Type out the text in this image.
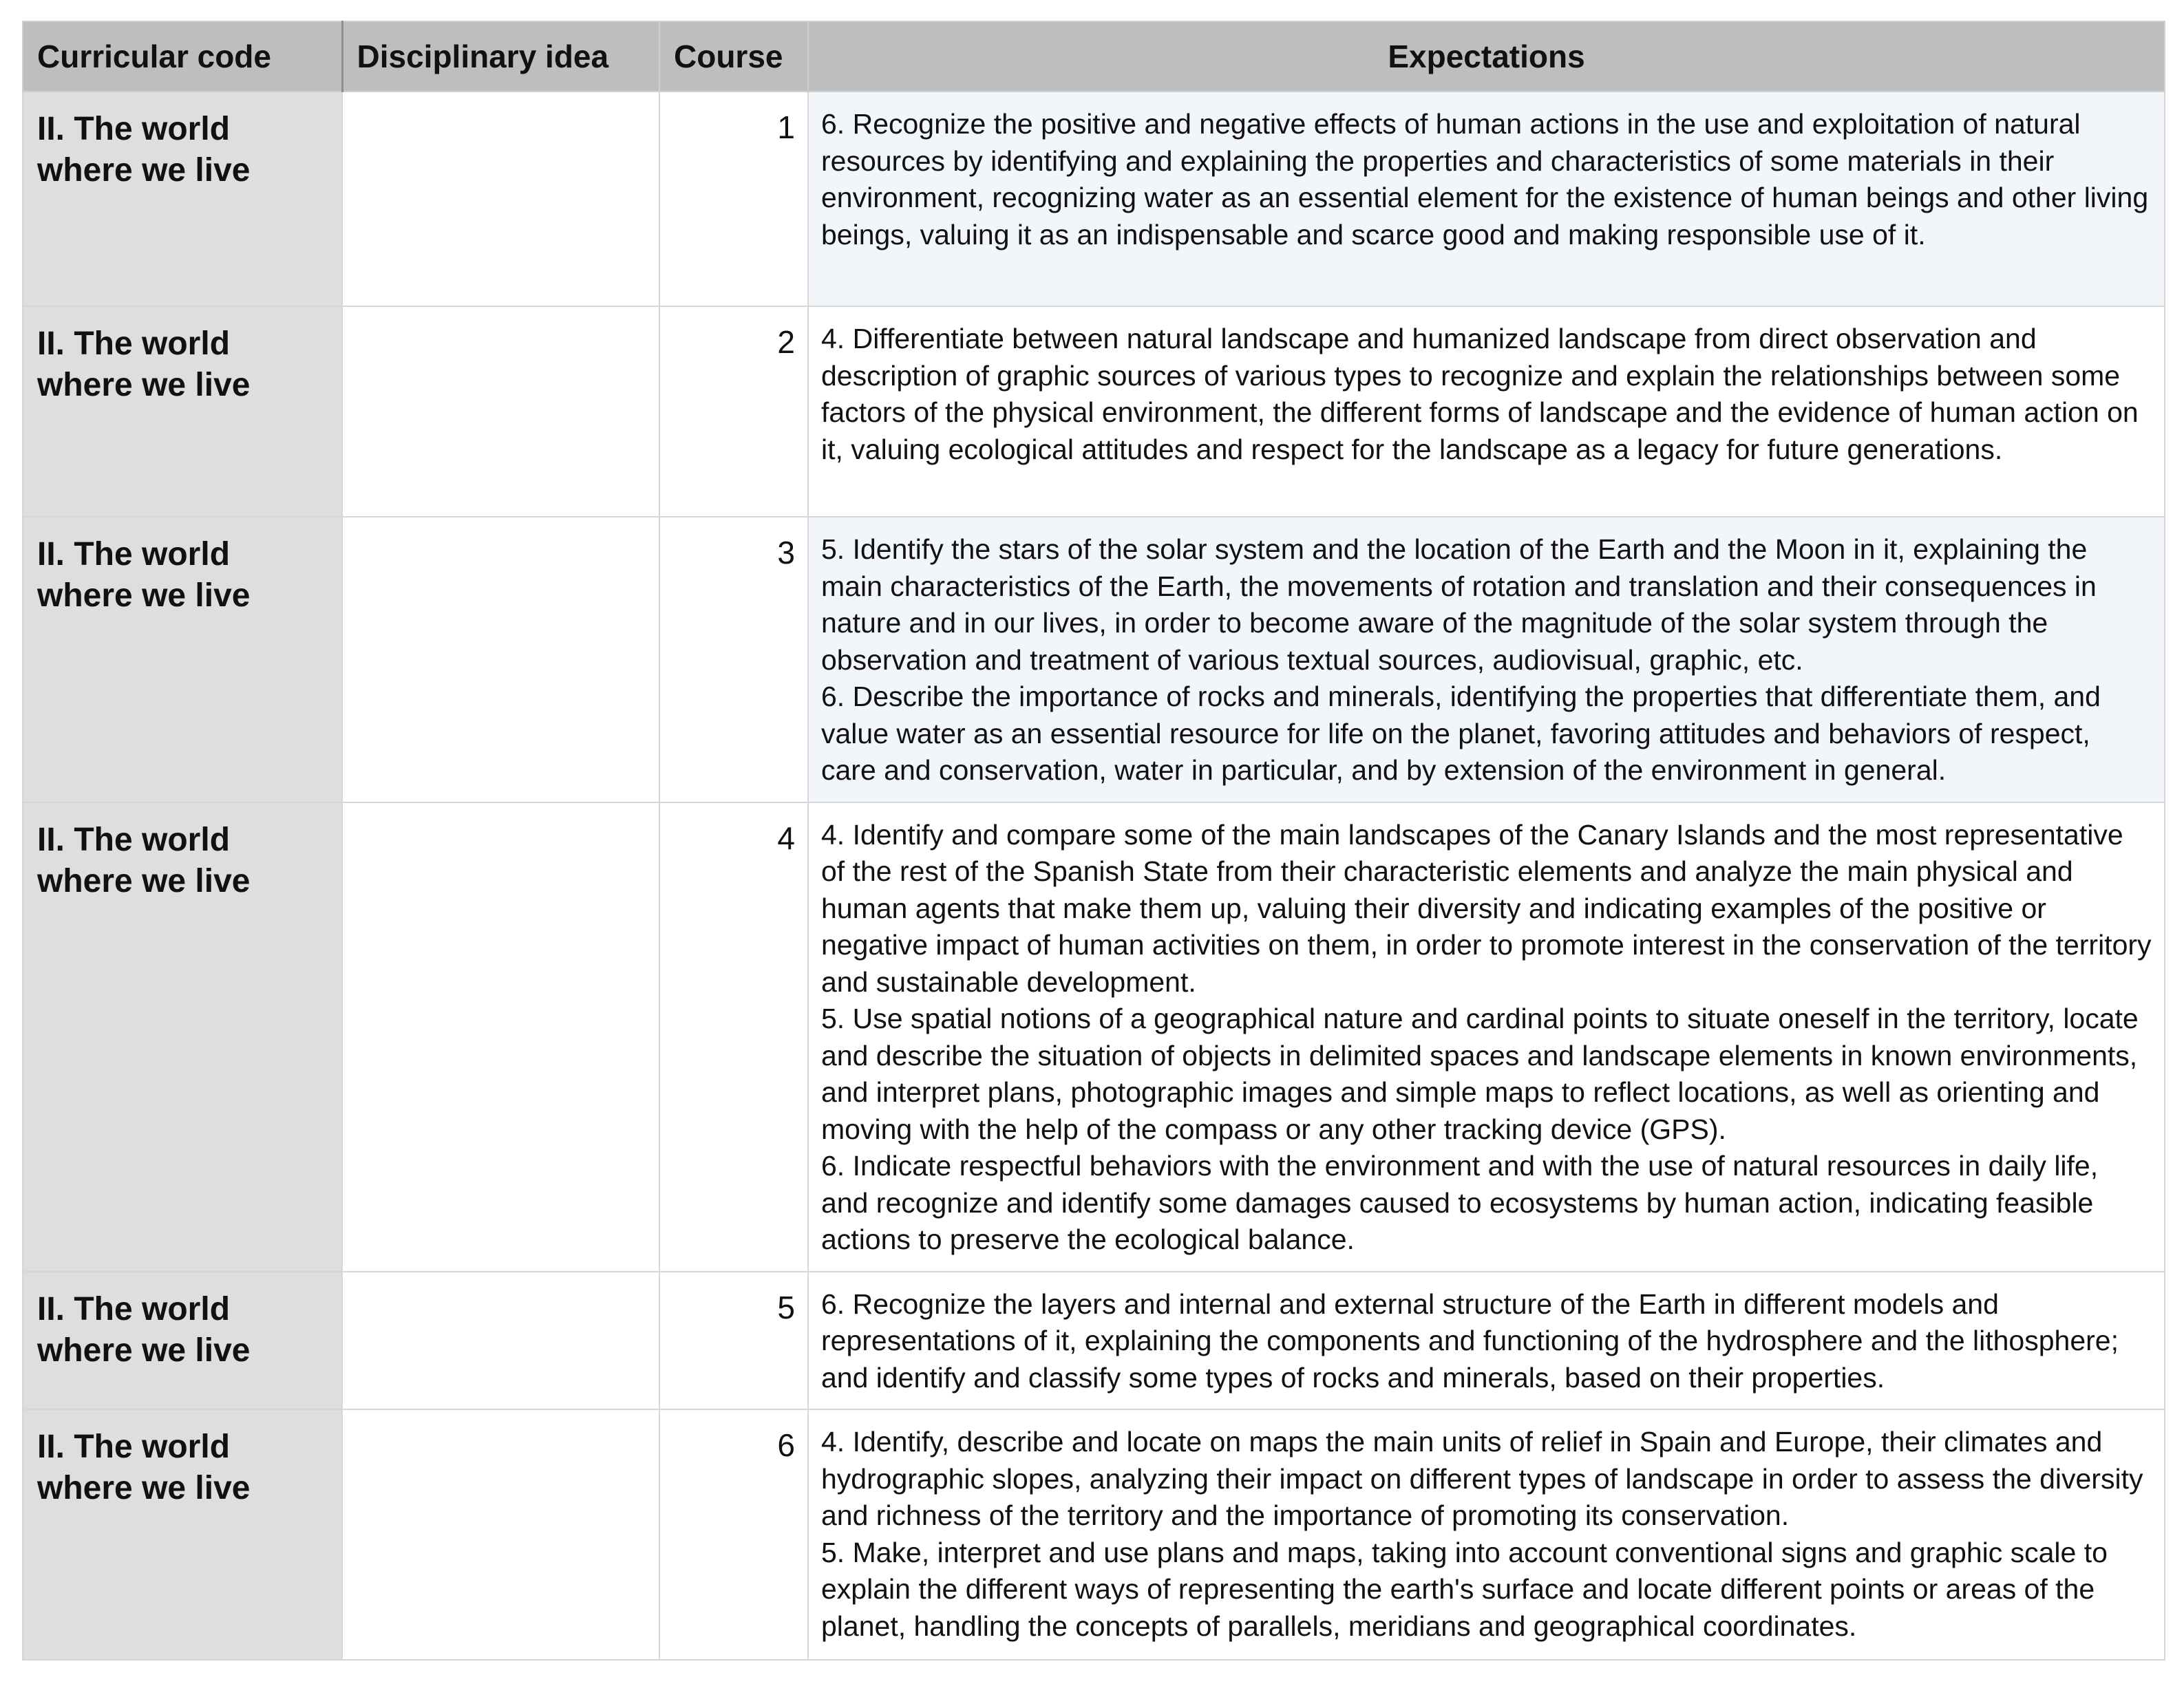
Curricular code	Disciplinary idea	Course	Expectations
II. The world where we live		1	6. Recognize the positive and negative effects of human actions in the use and exploitation of natural resources by identifying and explaining the properties and characteristics of some materials in their environment, recognizing water as an essential element for the existence of human beings and other living beings, valuing it as an indispensable and scarce good and making responsible use of it.

II. The world where we live		2	4. Differentiate between natural landscape and humanized landscape from direct observation and description of graphic sources of various types to recognize and explain the relationships between some factors of the physical environment, the different forms of landscape and the evidence of human action on it, valuing ecological attitudes and respect for the landscape as a legacy for future generations.

II. The world where we live		3	5. Identify the stars of the solar system and the location of the Earth and the Moon in it, explaining the main characteristics of the Earth, the movements of rotation and translation and their consequences in nature and in our lives, in order to become aware of the magnitude of the solar system through the observation and treatment of various textual sources, audiovisual, graphic, etc.
6. Describe the importance of rocks and minerals, identifying the properties that differentiate them, and value water as an essential resource for life on the planet, favoring attitudes and behaviors of respect, care and conservation, water in particular, and by extension of the environment in general.

II. The world where we live		4	4. Identify and compare some of the main landscapes of the Canary Islands and the most representative of the rest of the Spanish State from their characteristic elements and analyze the main physical and human agents that make them up, valuing their diversity and indicating examples of the positive or negative impact of human activities on them, in order to promote interest in the conservation of the territory and sustainable development.
5. Use spatial notions of a geographical nature and cardinal points to situate oneself in the territory, locate and describe the situation of objects in delimited spaces and landscape elements in known environments, and interpret plans, photographic images and simple maps to reflect locations, as well as orienting and moving with the help of the compass or any other tracking device (GPS).
6. Indicate respectful behaviors with the environment and with the use of natural resources in daily life, and recognize and identify some damages caused to ecosystems by human action, indicating feasible actions to preserve the ecological balance.

II. The world where we live		5	6. Recognize the layers and internal and external structure of the Earth in different models and representations of it, explaining the components and functioning of the hydrosphere and the lithosphere; and identify and classify some types of rocks and minerals, based on their properties.

II. The world where we live		6	4. Identify, describe and locate on maps the main units of relief in Spain and Europe, their climates and hydrographic slopes, analyzing their impact on different types of landscape in order to assess the diversity and richness of the territory and the importance of promoting its conservation.
5. Make, interpret and use plans and maps, taking into account conventional signs and graphic scale to explain the different ways of representing the earth's surface and locate different points or areas of the planet, handling the concepts of parallels, meridians and geographical coordinates.
